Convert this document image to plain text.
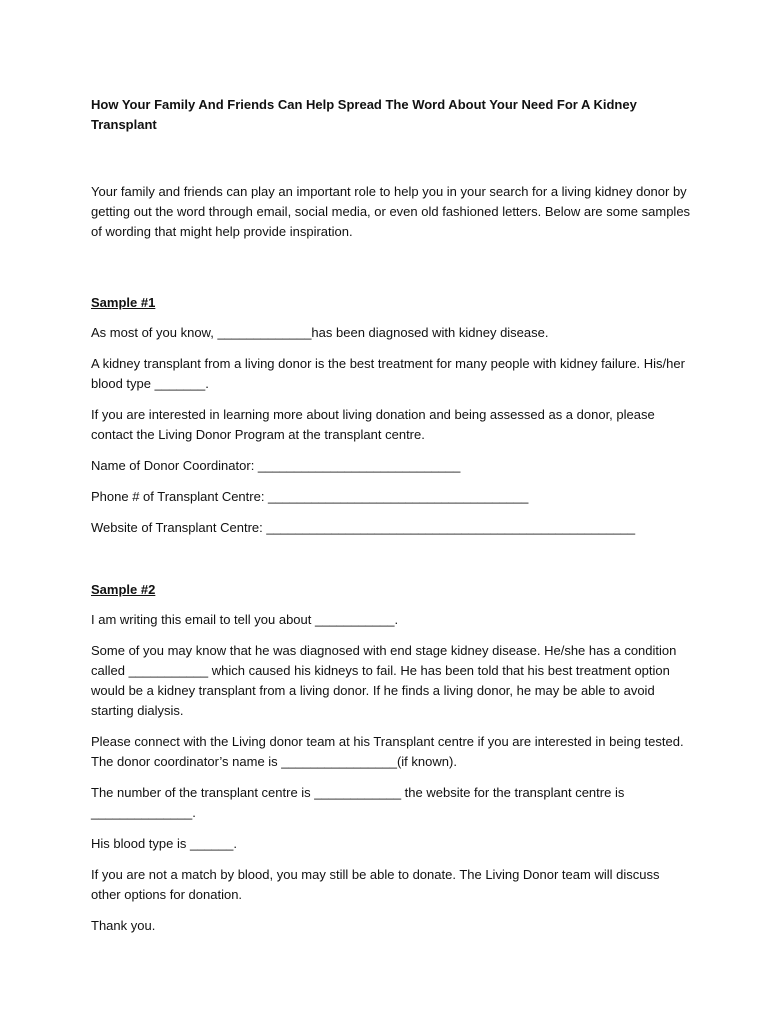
How Your Family And Friends Can Help Spread The Word About Your Need For A Kidney Transplant

Your family and friends can play an important role to help you in your search for a living kidney donor by getting out the word through email, social media, or even old fashioned letters. Below are some samples of wording that might help provide inspiration.

Sample #1

As most of you know, _____________has been diagnosed with kidney disease.

A kidney transplant from a living donor is the best treatment for many people with kidney failure. His/her blood type _______.

If you are interested in learning more about living donation and being assessed as a donor, please contact the Living Donor Program at the transplant centre.

Name of Donor Coordinator: ____________________________

Phone # of Transplant Centre: ____________________________________

Website of Transplant Centre: ___________________________________________________

Sample #2

I am writing this email to tell you about ___________.

Some of you may know that he was diagnosed with end stage kidney disease. He/she has a condition called ___________ which caused his kidneys to fail. He has been told that his best treatment option would be a kidney transplant from a living donor. If he finds a living donor, he may be able to avoid starting dialysis.

Please connect with the Living donor team at his Transplant centre if you are interested in being tested. The donor coordinator’s name is ________________(if known).

The number of the transplant centre is ____________ the website for the transplant centre is ______________.

His blood type is ______.

If you are not a match by blood, you may still be able to donate. The Living Donor team will discuss other options for donation.

Thank you.
